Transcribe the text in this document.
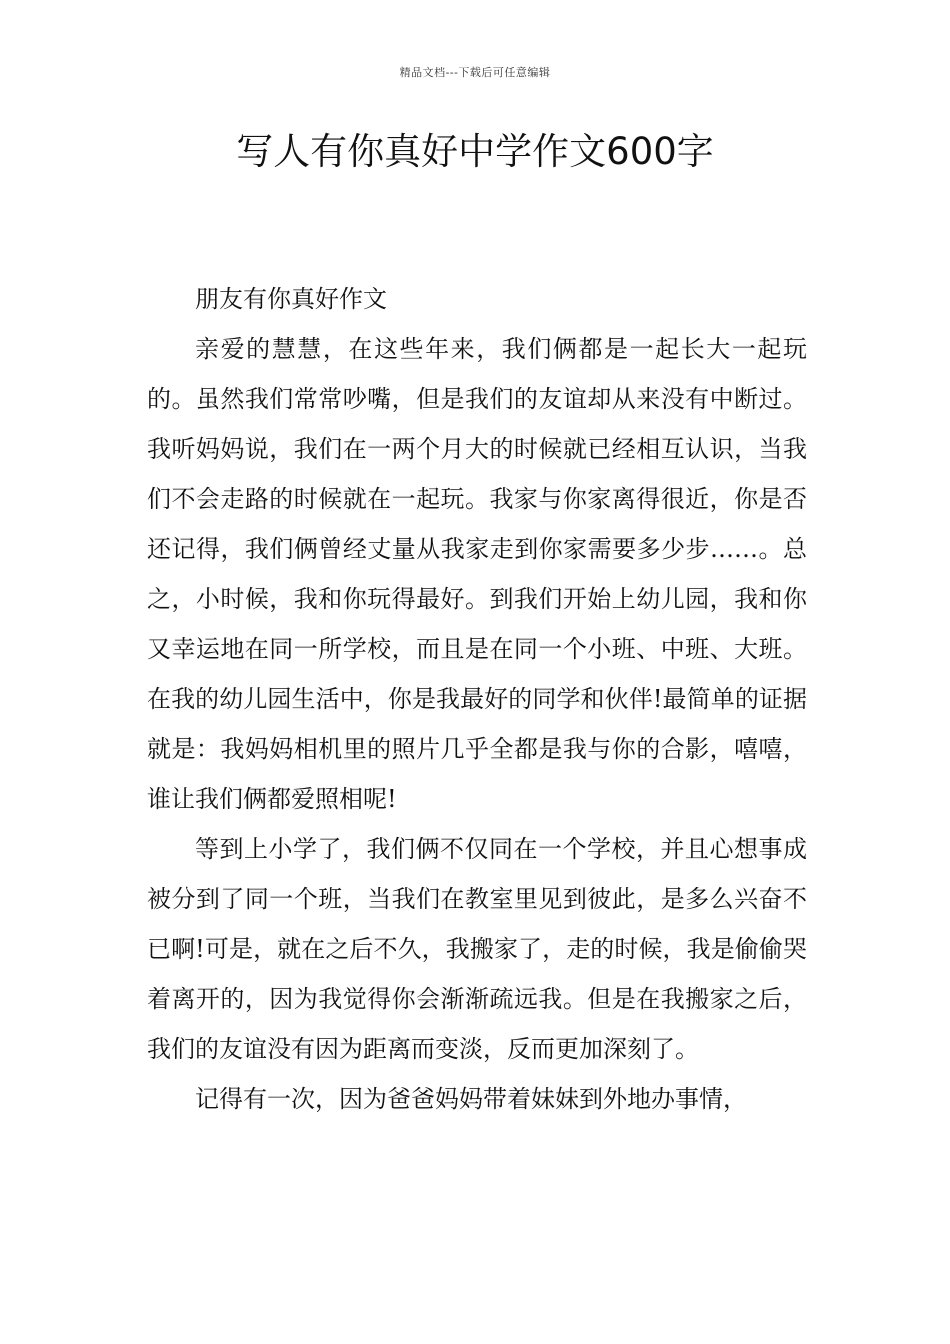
精品文档---下载后可任意编辑
写人有你真好中学作文600字

朋友有你真好作文

亲爱的慧慧，在这些年来，我们俩都是一起长大一起玩的。虽然我们常常吵嘴，但是我们的友谊却从来没有中断过。我听妈妈说，我们在一两个月大的时候就已经相互认识，当我们不会走路的时候就在一起玩。我家与你家离得很近，你是否还记得，我们俩曾经丈量从我家走到你家需要多少步……。总之，小时候，我和你玩得最好。到我们开始上幼儿园，我和你又幸运地在同一所学校，而且是在同一个小班、中班、大班。在我的幼儿园生活中，你是我最好的同学和伙伴!最简单的证据就是：我妈妈相机里的照片几乎全都是我与你的合影，嘻嘻，谁让我们俩都爱照相呢!

等到上小学了，我们俩不仅同在一个学校，并且心想事成被分到了同一个班，当我们在教室里见到彼此，是多么兴奋不已啊!可是，就在之后不久，我搬家了，走的时候，我是偷偷哭着离开的，因为我觉得你会渐渐疏远我。但是在我搬家之后，我们的友谊没有因为距离而变淡，反而更加深刻了。

记得有一次，因为爸爸妈妈带着妹妹到外地办事情，
